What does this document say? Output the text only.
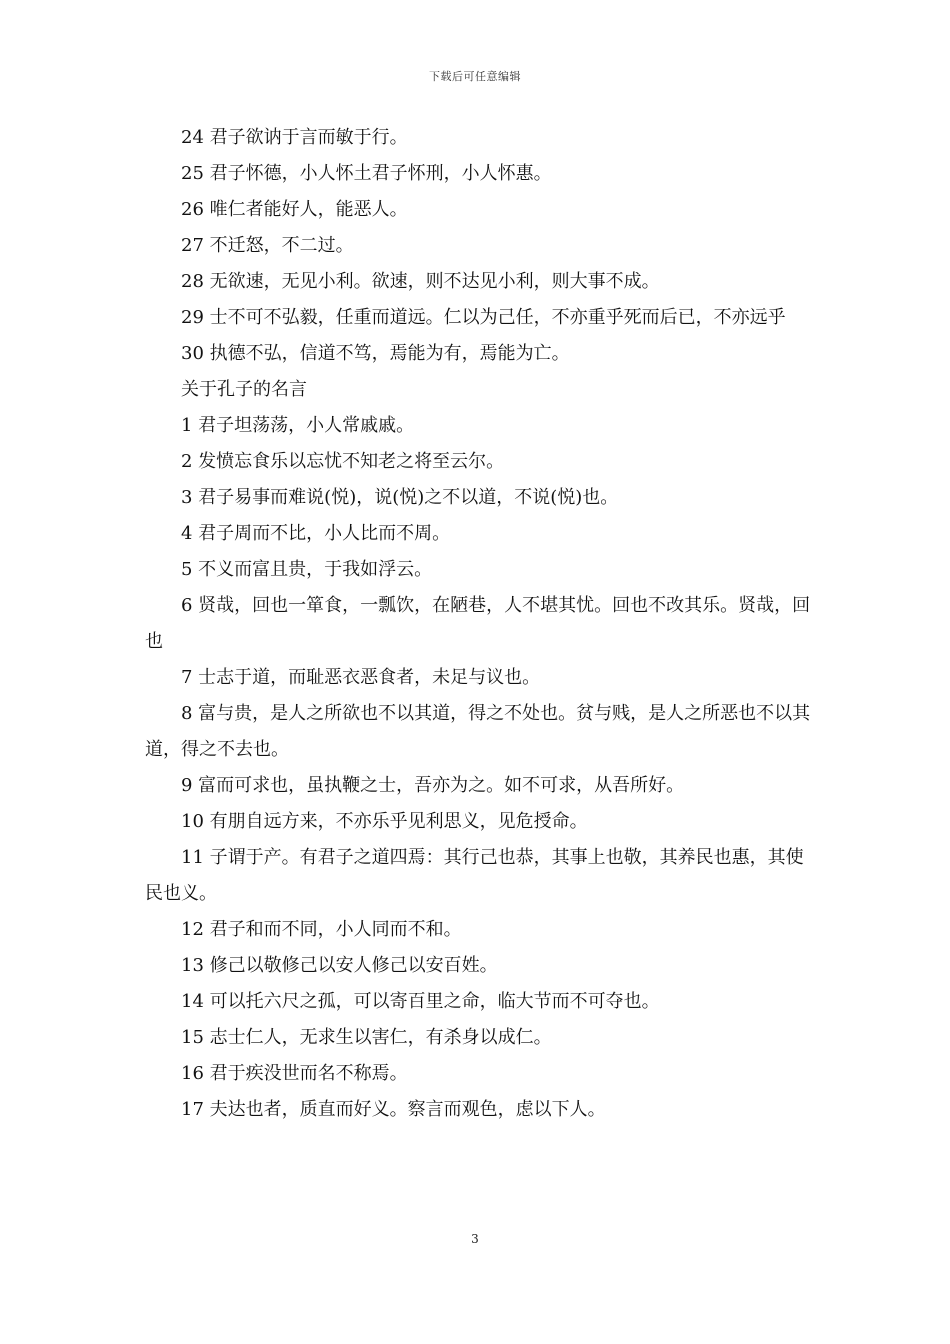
下载后可任意编辑

24 君子欲讷于言而敏于行。

25 君子怀德，小人怀土君子怀刑，小人怀惠。

26 唯仁者能好人，能恶人。

27 不迁怒，不二过。

28 无欲速，无见小利。欲速，则不达见小利，则大事不成。

29 士不可不弘毅，任重而道远。仁以为己任，不亦重乎死而后已，不亦远乎

30 执德不弘，信道不笃，焉能为有，焉能为亡。

关于孔子的名言

1 君子坦荡荡，小人常戚戚。

2 发愤忘食乐以忘忧不知老之将至云尔。

3 君子易事而难说(悦)，说(悦)之不以道，不说(悦)也。

4 君子周而不比，小人比而不周。

5 不义而富且贵，于我如浮云。

6 贤哉，回也一箪食，一瓢饮，在陋巷，人不堪其忧。回也不改其乐。贤哉，回也

7 士志于道，而耻恶衣恶食者，未足与议也。

8 富与贵，是人之所欲也不以其道，得之不处也。贫与贱，是人之所恶也不以其道，得之不去也。

9 富而可求也，虽执鞭之士，吾亦为之。如不可求，从吾所好。

10 有朋自远方来，不亦乐乎见利思义，见危授命。

11 子谓于产。有君子之道四焉：其行己也恭，其事上也敬，其养民也惠，其使民也义。

12 君子和而不同，小人同而不和。

13 修己以敬修己以安人修己以安百姓。

14 可以托六尺之孤，可以寄百里之命，临大节而不可夺也。

15 志士仁人，无求生以害仁，有杀身以成仁。

16 君于疾没世而名不称焉。

17 夫达也者，质直而好义。察言而观色，虑以下人。

3
